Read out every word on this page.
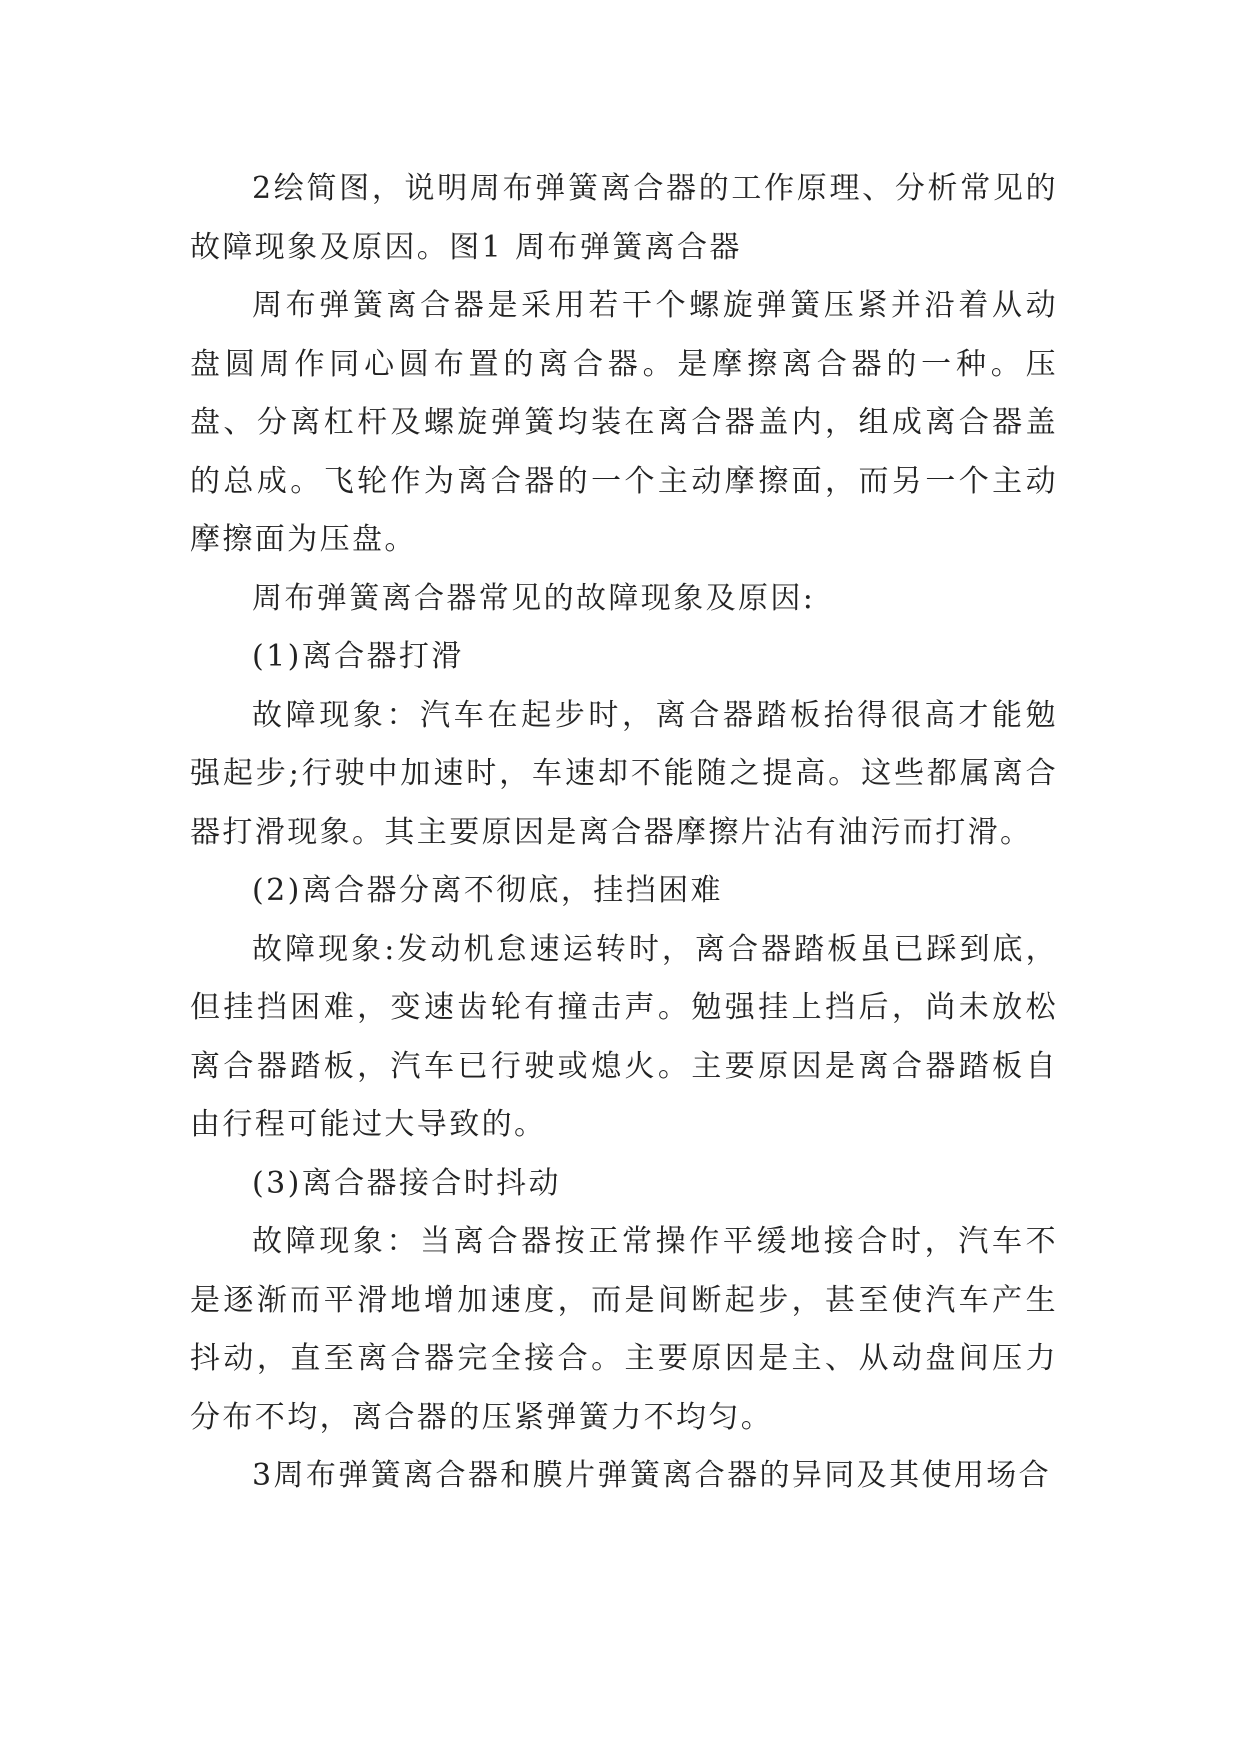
2绘简图，说明周布弹簧离合器的工作原理、分析常见的故障现象及原因。图1 周布弹簧离合器

周布弹簧离合器是采用若干个螺旋弹簧压紧并沿着从动盘圆周作同心圆布置的离合器。是摩擦离合器的一种。压盘、分离杠杆及螺旋弹簧均装在离合器盖内，组成离合器盖的总成。飞轮作为离合器的一个主动摩擦面，而另一个主动摩擦面为压盘。

周布弹簧离合器常见的故障现象及原因:

(1)离合器打滑

故障现象：汽车在起步时，离合器踏板抬得很高才能勉强起步;行驶中加速时，车速却不能随之提高。这些都属离合器打滑现象。其主要原因是离合器摩擦片沾有油污而打滑。

(2)离合器分离不彻底，挂挡困难

故障现象:发动机怠速运转时，离合器踏板虽已踩到底，但挂挡困难，变速齿轮有撞击声。勉强挂上挡后，尚未放松离合器踏板，汽车已行驶或熄火。主要原因是离合器踏板自由行程可能过大导致的。

(3)离合器接合时抖动

故障现象：当离合器按正常操作平缓地接合时，汽车不是逐渐而平滑地增加速度，而是间断起步，甚至使汽车产生抖动，直至离合器完全接合。主要原因是主、从动盘间压力分布不均，离合器的压紧弹簧力不均匀。

3周布弹簧离合器和膜片弹簧离合器的异同及其使用场合
